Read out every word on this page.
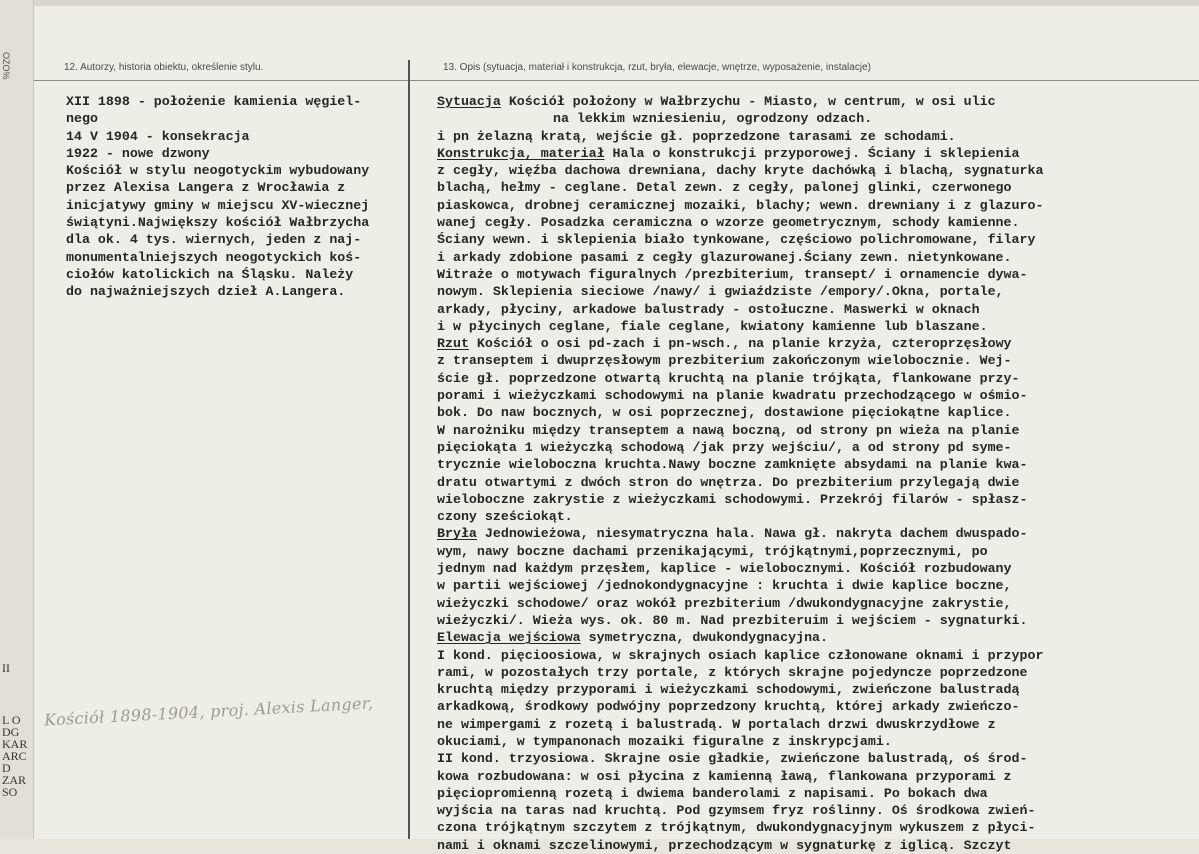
OZO%
II
L O
DG
KAR
ARC
D
ZAR
SO
12. Autorzy, historia obiektu, określenie stylu.	13. Opis (sytuacja, materiał i konstrukcja, rzut, bryła, elewacje, wnętrze, wyposażenie, instalacje)
XII 1898 - położenie kamienia węgiel-
nego
14 V 1904 - konsekracja
1922 - nowe dzwony
Kościół w stylu neogotyckim wybudowany
przez Alexisa Langera z Wrocławia z
inicjatywy gminy w miejscu XV-wiecznej
świątyni.Największy kościół Wałbrzycha
dla ok. 4 tys. wiernych, jeden z naj-
monumentalniejszych neogotyckich koś-
ciołów katolickich na Śląsku. Należy
do najważniejszych dzieł A.Langera.
Sytuacja Kościół położony w Wałbrzychu - Miasto, w centrum, w osi ulic
na lekkim wzniesieniu, ogrodzony odzach.
i pn żelazną kratą, wejście gł. poprzedzone tarasami ze schodami.
Konstrukcja, materiał Hala o konstrukcji przyporowej. Ściany i sklepienia
z cegły, więźba dachowa drewniana, dachy kryte dachówką i blachą, sygnaturka
blachą, hełmy - ceglane. Detal zewn. z cegły, palonej glinki, czerwonego
piaskowca, drobnej ceramicznej mozaiki, blachy; wewn. drewniany i z glazuro-
wanej cegły. Posadzka ceramiczna o wzorze geometrycznym, schody kamienne.
Ściany wewn. i sklepienia biało tynkowane, częściowo polichromowane, filary
i arkady zdobione pasami z cegły glazurowanej.Ściany zewn. nietynkowane.
Witraże o motywach figuralnych /prezbiterium, transept/ i ornamencie dywa-
nowym. Sklepienia sieciowe /nawy/ i gwiaździste /empory/.Okna, portale,
arkady, płyciny, arkadowe balustrady - ostołuczne. Maswerki w oknach
i w płycinych ceglane, fiale ceglane, kwiatony kamienne lub blaszane.
Rzut Kościół o osi pd-zach i pn-wsch., na planie krzyża, czteroprzęsłowy
z transeptem i dwuprzęsłowym prezbiterium zakończonym wielobocznie. Wej-
ście gł. poprzedzone otwartą kruchtą na planie trójkąta, flankowane przy-
porami i wieżyczkami schodowymi na planie kwadratu przechodzącego w ośmio-
bok. Do naw bocznych, w osi poprzecznej, dostawione pięciokątne kaplice.
W narożniku między transeptem a nawą boczną, od strony pn wieża na planie
pięciokąta 1 wieżyczką schodową /jak przy wejściu/, a od strony pd syme-
trycznie wieloboczna kruchta.Nawy boczne zamknięte absydami na planie kwa-
dratu otwartymi z dwóch stron do wnętrza. Do prezbiterium przylegają dwie
wieloboczne zakrystie z wieżyczkami schodowymi. Przekrój filarów - spłasz-
czony sześciokąt.
Bryła Jednowieżowa, niesymatryczna hala. Nawa gł. nakryta dachem dwuspado-
wym, nawy boczne dachami przenikającymi, trójkątnymi,poprzecznymi, po
jednym nad każdym przęsłem, kaplice - wielobocznymi. Kościół rozbudowany
w partii wejściowej /jednokondygnacyjne : kruchta i dwie kaplice boczne,
wieżyczki schodowe/ oraz wokół prezbiterium /dwukondygnacyjne zakrystie,
wieżyczki/. Wieża wys. ok. 80 m. Nad prezbiteruim i wejściem - sygnaturki.
Elewacja wejściowa symetryczna, dwukondygnacyjna.
I kond. pięcioosiowa, w skrajnych osiach kaplice członowane oknami i przypor
rami, w pozostałych trzy portale, z których skrajne pojedyncze poprzedzone
kruchtą między przyporami i wieżyczkami schodowymi, zwieńczone balustradą
arkadkową, środkowy podwójny poprzedzony kruchtą, której arkady zwieńczo-
ne wimpergami z rozetą i balustradą. W portalach drzwi dwuskrzydłowe z
okuciami, w tympanonach mozaiki figuralne z inskrypcjami.
II kond. trzyosiowa. Skrajne osie gładkie, zwieńczone balustradą, oś środ-
kowa rozbudowana: w osi płycina z kamienną ławą, flankowana przyporami z
pięciopromienną rozetą i dwiema banderolami z napisami. Po bokach dwa
wyjścia na taras nad kruchtą. Pod gzymsem fryz roślinny. Oś środkowa zwień-
czona trójkątnym szczytem z trójkątnym, dwukondygnacyjnym wykuszem z płyci-
nami i oknami szczelinowymi, przechodzącym w sygnaturkę z iglicą. Szczyt
Kościół 1898-1904, proj. Alexis Langer,
